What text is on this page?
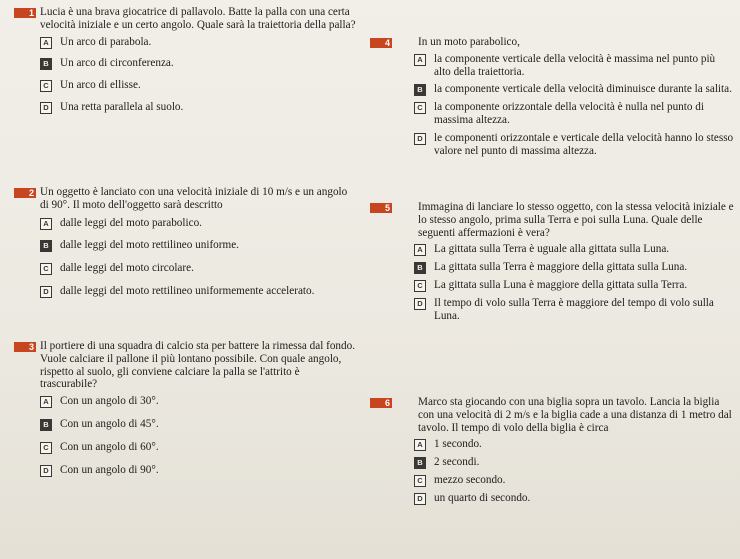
1 Lucia è una brava giocatrice di pallavolo. Batte la palla con una certa velocità iniziale e un certo angolo. Quale sarà la traiettoria della palla?
A Un arco di parabola.
B Un arco di circonferenza.
C Un arco di ellisse.
D Una retta parallela al suolo.
2 Un oggetto è lanciato con una velocità iniziale di 10 m/s e un angolo di 90°. Il moto dell'oggetto sarà descritto
A dalle leggi del moto parabolico.
B dalle leggi del moto rettilineo uniforme.
C dalle leggi del moto circolare.
D dalle leggi del moto rettilineo uniformemente accelerato.
3 Il portiere di una squadra di calcio sta per battere la rimessa dal fondo. Vuole calciare il pallone il più lontano possibile. Con quale angolo, rispetto al suolo, gli conviene calciare la palla se l'attrito è trascurabile?
A Con un angolo di 30°.
B Con un angolo di 45°.
C Con un angolo di 60°.
D Con un angolo di 90°.
4	In un moto parabolico,
A la componente verticale della velocità è massima nel punto più alto della traiettoria.
B la componente verticale della velocità diminuisce durante la salita.
C la componente orizzontale della velocità è nulla nel punto di massima altezza.
D le componenti orizzontale e verticale della velocità hanno lo stesso valore nel punto di massima altezza.
5	Immagina di lanciare lo stesso oggetto, con la stessa velocità iniziale e lo stesso angolo, prima sulla Terra e poi sulla Luna. Quale delle seguenti affermazioni è vera?
A La gittata sulla Terra è uguale alla gittata sulla Luna.
B La gittata sulla Terra è maggiore della gittata sulla Luna.
C La gittata sulla Luna è maggiore della gittata sulla Terra.
D Il tempo di volo sulla Terra è maggiore del tempo di volo sulla Luna.
6	Marco sta giocando con una biglia sopra un tavolo. Lancia la biglia con una velocità di 2 m/s e la biglia cade a una distanza di 1 metro dal tavolo. Il tempo di volo della biglia è circa
A 1 secondo.
B 2 secondi.
C mezzo secondo.
D un quarto di secondo.
